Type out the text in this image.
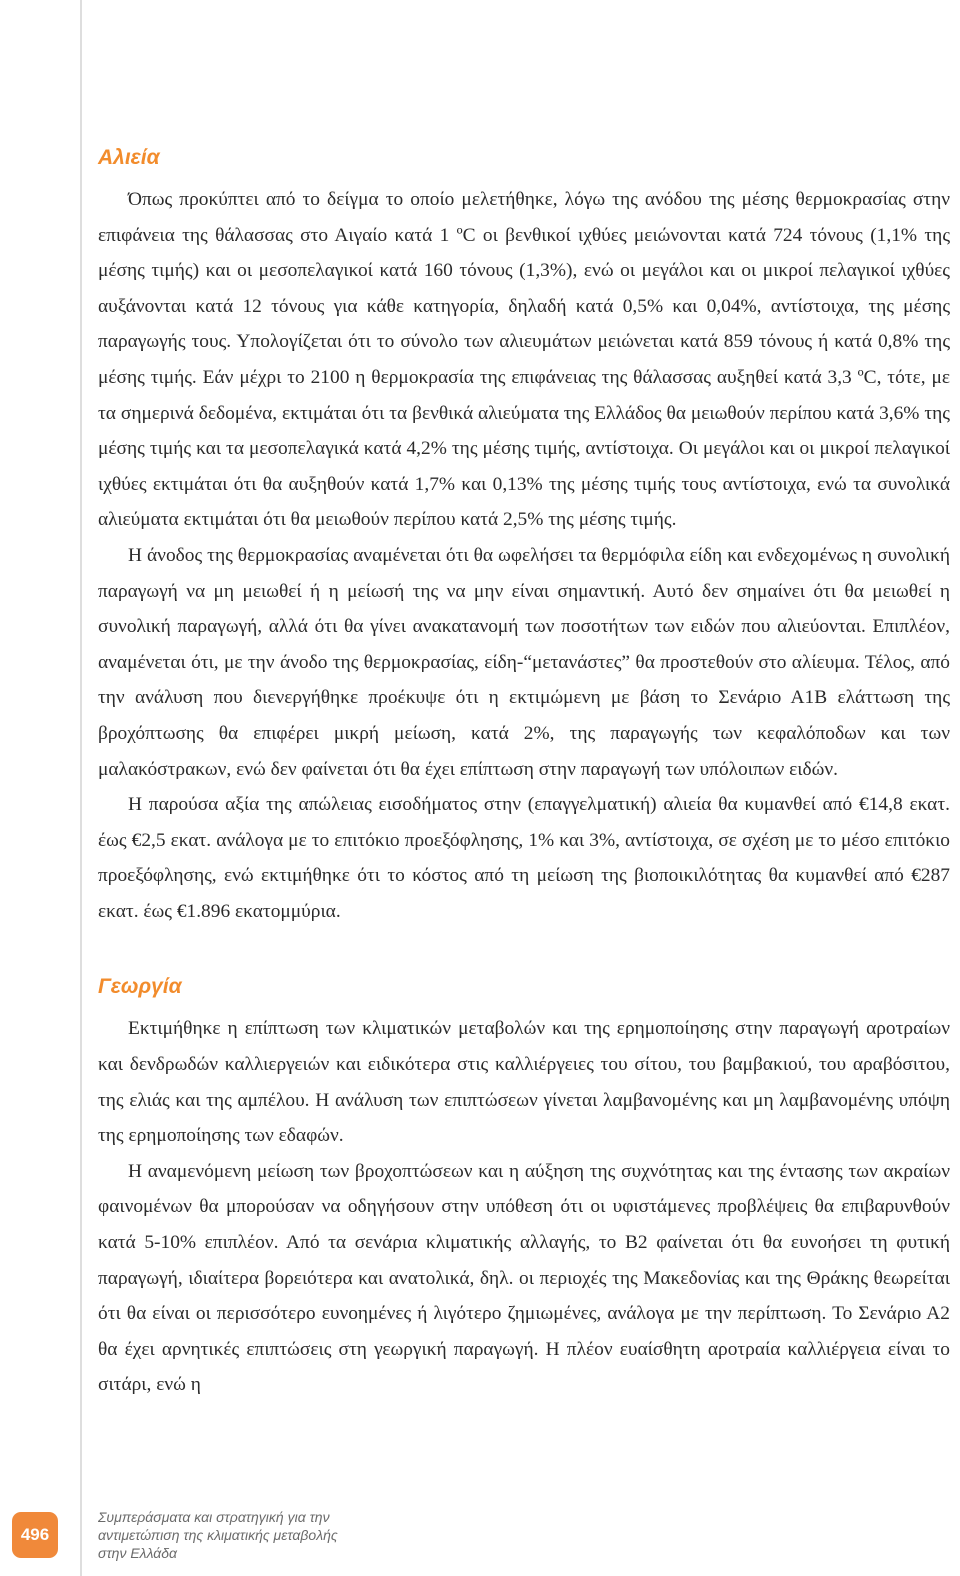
Αλιεία

Όπως προκύπτει από το δείγμα το οποίο μελετήθηκε, λόγω της ανόδου της μέσης θερμοκρασίας στην επιφάνεια της θάλασσας στο Αιγαίο κατά 1 ºC οι βενθικοί ιχθύες μειώνονται κατά 724 τόνους (1,1% της μέσης τιμής) και οι μεσοπελαγικοί κατά 160 τόνους (1,3%), ενώ οι μεγάλοι και οι μικροί πελαγικοί ιχθύες αυξάνονται κατά 12 τόνους για κάθε κατηγορία, δηλαδή κατά 0,5% και 0,04%, αντίστοιχα, της μέσης παραγωγής τους. Υπολογίζεται ότι το σύνολο των αλιευμάτων μειώνεται κατά 859 τόνους ή κατά 0,8% της μέσης τιμής. Εάν μέχρι το 2100 η θερμοκρασία της επιφάνειας της θάλασσας αυξηθεί κατά 3,3 ºC, τότε, με τα σημερινά δεδομένα, εκτιμάται ότι τα βενθικά αλιεύματα της Ελλάδος θα μειωθούν περίπου κατά 3,6% της μέσης τιμής και τα μεσοπελαγικά κατά 4,2% της μέσης τιμής, αντίστοιχα. Οι μεγάλοι και οι μικροί πελαγικοί ιχθύες εκτιμάται ότι θα αυξηθούν κατά 1,7% και 0,13% της μέσης τιμής τους αντίστοιχα, ενώ τα συνολικά αλιεύματα εκτιμάται ότι θα μειωθούν περίπου κατά 2,5% της μέσης τιμής.

Η άνοδος της θερμοκρασίας αναμένεται ότι θα ωφελήσει τα θερμόφιλα είδη και ενδεχομένως η συνολική παραγωγή να μη μειωθεί ή η μείωσή της να μην είναι σημαντική. Αυτό δεν σημαίνει ότι θα μειωθεί η συνολική παραγωγή, αλλά ότι θα γίνει ανακατανομή των ποσοτήτων των ειδών που αλιεύονται. Επιπλέον, αναμένεται ότι, με την άνοδο της θερμοκρασίας, είδη-“μετανάστες” θα προστεθούν στο αλίευμα. Τέλος, από την ανάλυση που διενεργήθηκε προέκυψε ότι η εκτιμώμενη με βάση το Σενάριο Α1Β ελάττωση της βροχόπτωσης θα επιφέρει μικρή μείωση, κατά 2%, της παραγωγής των κεφαλόποδων και των μαλακόστρακων, ενώ δεν φαίνεται ότι θα έχει επίπτωση στην παραγωγή των υπόλοιπων ειδών.

Η παρούσα αξία της απώλειας εισοδήματος στην (επαγγελματική) αλιεία θα κυμανθεί από €14,8 εκατ. έως €2,5 εκατ. ανάλογα με το επιτόκιο προεξόφλησης, 1% και 3%, αντίστοιχα, σε σχέση με το μέσο επιτόκιο προεξόφλησης, ενώ εκτιμήθηκε ότι το κόστος από τη μείωση της βιοποικιλότητας θα κυμανθεί από €287 εκατ. έως €1.896 εκατομμύρια.

Γεωργία

Εκτιμήθηκε η επίπτωση των κλιματικών μεταβολών και της ερημοποίησης στην παραγωγή αροτραίων και δενδρωδών καλλιεργειών και ειδικότερα στις καλλιέργειες του σίτου, του βαμβακιού, του αραβόσιτου, της ελιάς και της αμπέλου. Η ανάλυση των επιπτώσεων γίνεται λαμβανομένης και μη λαμβανομένης υπόψη της ερημοποίησης των εδαφών.

Η αναμενόμενη μείωση των βροχοπτώσεων και η αύξηση της συχνότητας και της έντασης των ακραίων φαινομένων θα μπορούσαν να οδηγήσουν στην υπόθεση ότι οι υφιστάμενες προβλέψεις θα επιβαρυνθούν κατά 5-10% επιπλέον. Από τα σενάρια κλιματικής αλλαγής, το Β2 φαίνεται ότι θα ευνοήσει τη φυτική παραγωγή, ιδιαίτερα βορειότερα και ανατολικά, δηλ. οι περιοχές της Μακεδονίας και της Θράκης θεωρείται ότι θα είναι οι περισσότερο ευνοημένες ή λιγότερο ζημιωμένες, ανάλογα με την περίπτωση. Το Σενάριο Α2 θα έχει αρνητικές επιπτώσεις στη γεωργική παραγωγή. Η πλέον ευαίσθητη αροτραία καλλιέργεια είναι το σιτάρι, ενώ η

496
Συμπεράσματα και στρατηγική για την
αντιμετώπιση της κλιματικής μεταβολής
στην Ελλάδα
